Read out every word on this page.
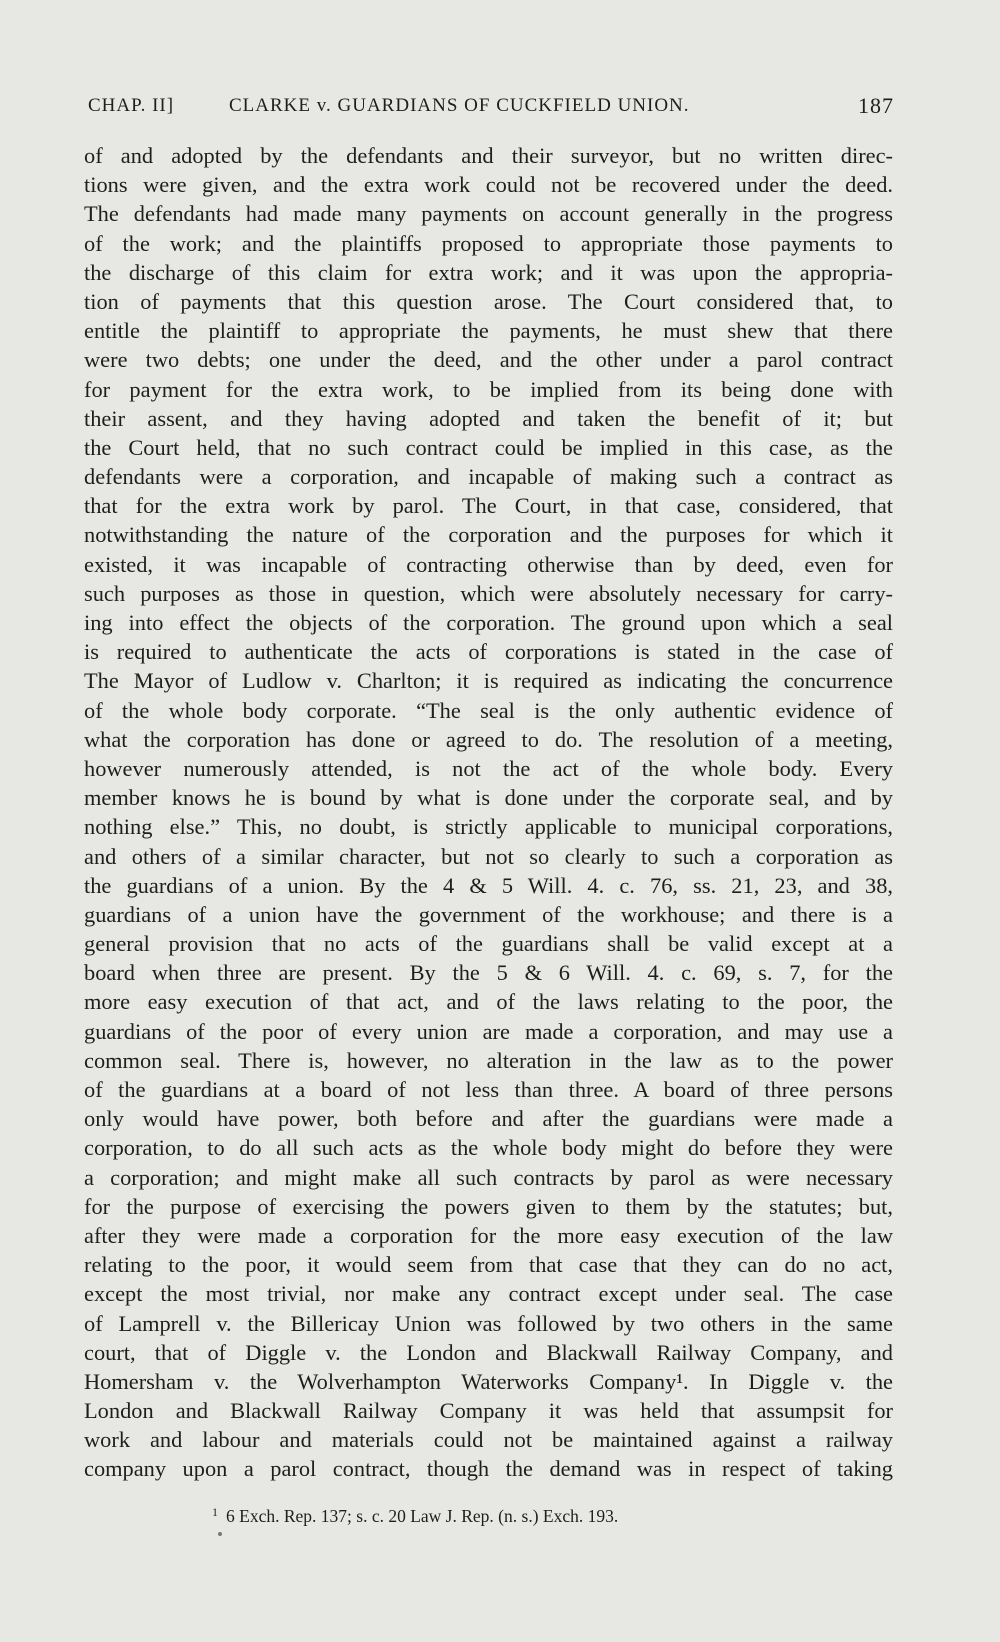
CHAP. II]	CLARKE v. GUARDIANS OF CUCKFIELD UNION.	187
of and adopted by the defendants and their surveyor, but no written direc-
tions were given, and the extra work could not be recovered under the deed.
The defendants had made many payments on account generally in the progress
of the work; and the plaintiffs proposed to appropriate those payments to
the discharge of this claim for extra work; and it was upon the appropria-
tion of payments that this question arose. The Court considered that, to
entitle the plaintiff to appropriate the payments, he must shew that there
were two debts; one under the deed, and the other under a parol contract
for payment for the extra work, to be implied from its being done with
their assent, and they having adopted and taken the benefit of it; but
the Court held, that no such contract could be implied in this case, as the
defendants were a corporation, and incapable of making such a contract as
that for the extra work by parol. The Court, in that case, considered, that
notwithstanding the nature of the corporation and the purposes for which it
existed, it was incapable of contracting otherwise than by deed, even for
such purposes as those in question, which were absolutely necessary for carry-
ing into effect the objects of the corporation. The ground upon which a seal
is required to authenticate the acts of corporations is stated in the case of
The Mayor of Ludlow v. Charlton; it is required as indicating the concurrence
of the whole body corporate. “The seal is the only authentic evidence of
what the corporation has done or agreed to do. The resolution of a meeting,
however numerously attended, is not the act of the whole body. Every
member knows he is bound by what is done under the corporate seal, and by
nothing else.” This, no doubt, is strictly applicable to municipal corporations,
and others of a similar character, but not so clearly to such a corporation as
the guardians of a union. By the 4 & 5 Will. 4. c. 76, ss. 21, 23, and 38,
guardians of a union have the government of the workhouse; and there is a
general provision that no acts of the guardians shall be valid except at a
board when three are present. By the 5 & 6 Will. 4. c. 69, s. 7, for the
more easy execution of that act, and of the laws relating to the poor, the
guardians of the poor of every union are made a corporation, and may use a
common seal. There is, however, no alteration in the law as to the power
of the guardians at a board of not less than three. A board of three persons
only would have power, both before and after the guardians were made a
corporation, to do all such acts as the whole body might do before they were
a corporation; and might make all such contracts by parol as were necessary
for the purpose of exercising the powers given to them by the statutes; but,
after they were made a corporation for the more easy execution of the law
relating to the poor, it would seem from that case that they can do no act,
except the most trivial, nor make any contract except under seal. The case
of Lamprell v. the Billericay Union was followed by two others in the same
court, that of Diggle v. the London and Blackwall Railway Company, and
Homersham v. the Wolverhampton Waterworks Company¹. In Diggle v. the
London and Blackwall Railway Company it was held that assumpsit for
work and labour and materials could not be maintained against a railway
company upon a parol contract, though the demand was in respect of taking
$^1$ 6 Exch. Rep. 137; s. c. 20 Law J. Rep. (n. s.) Exch. 193.
